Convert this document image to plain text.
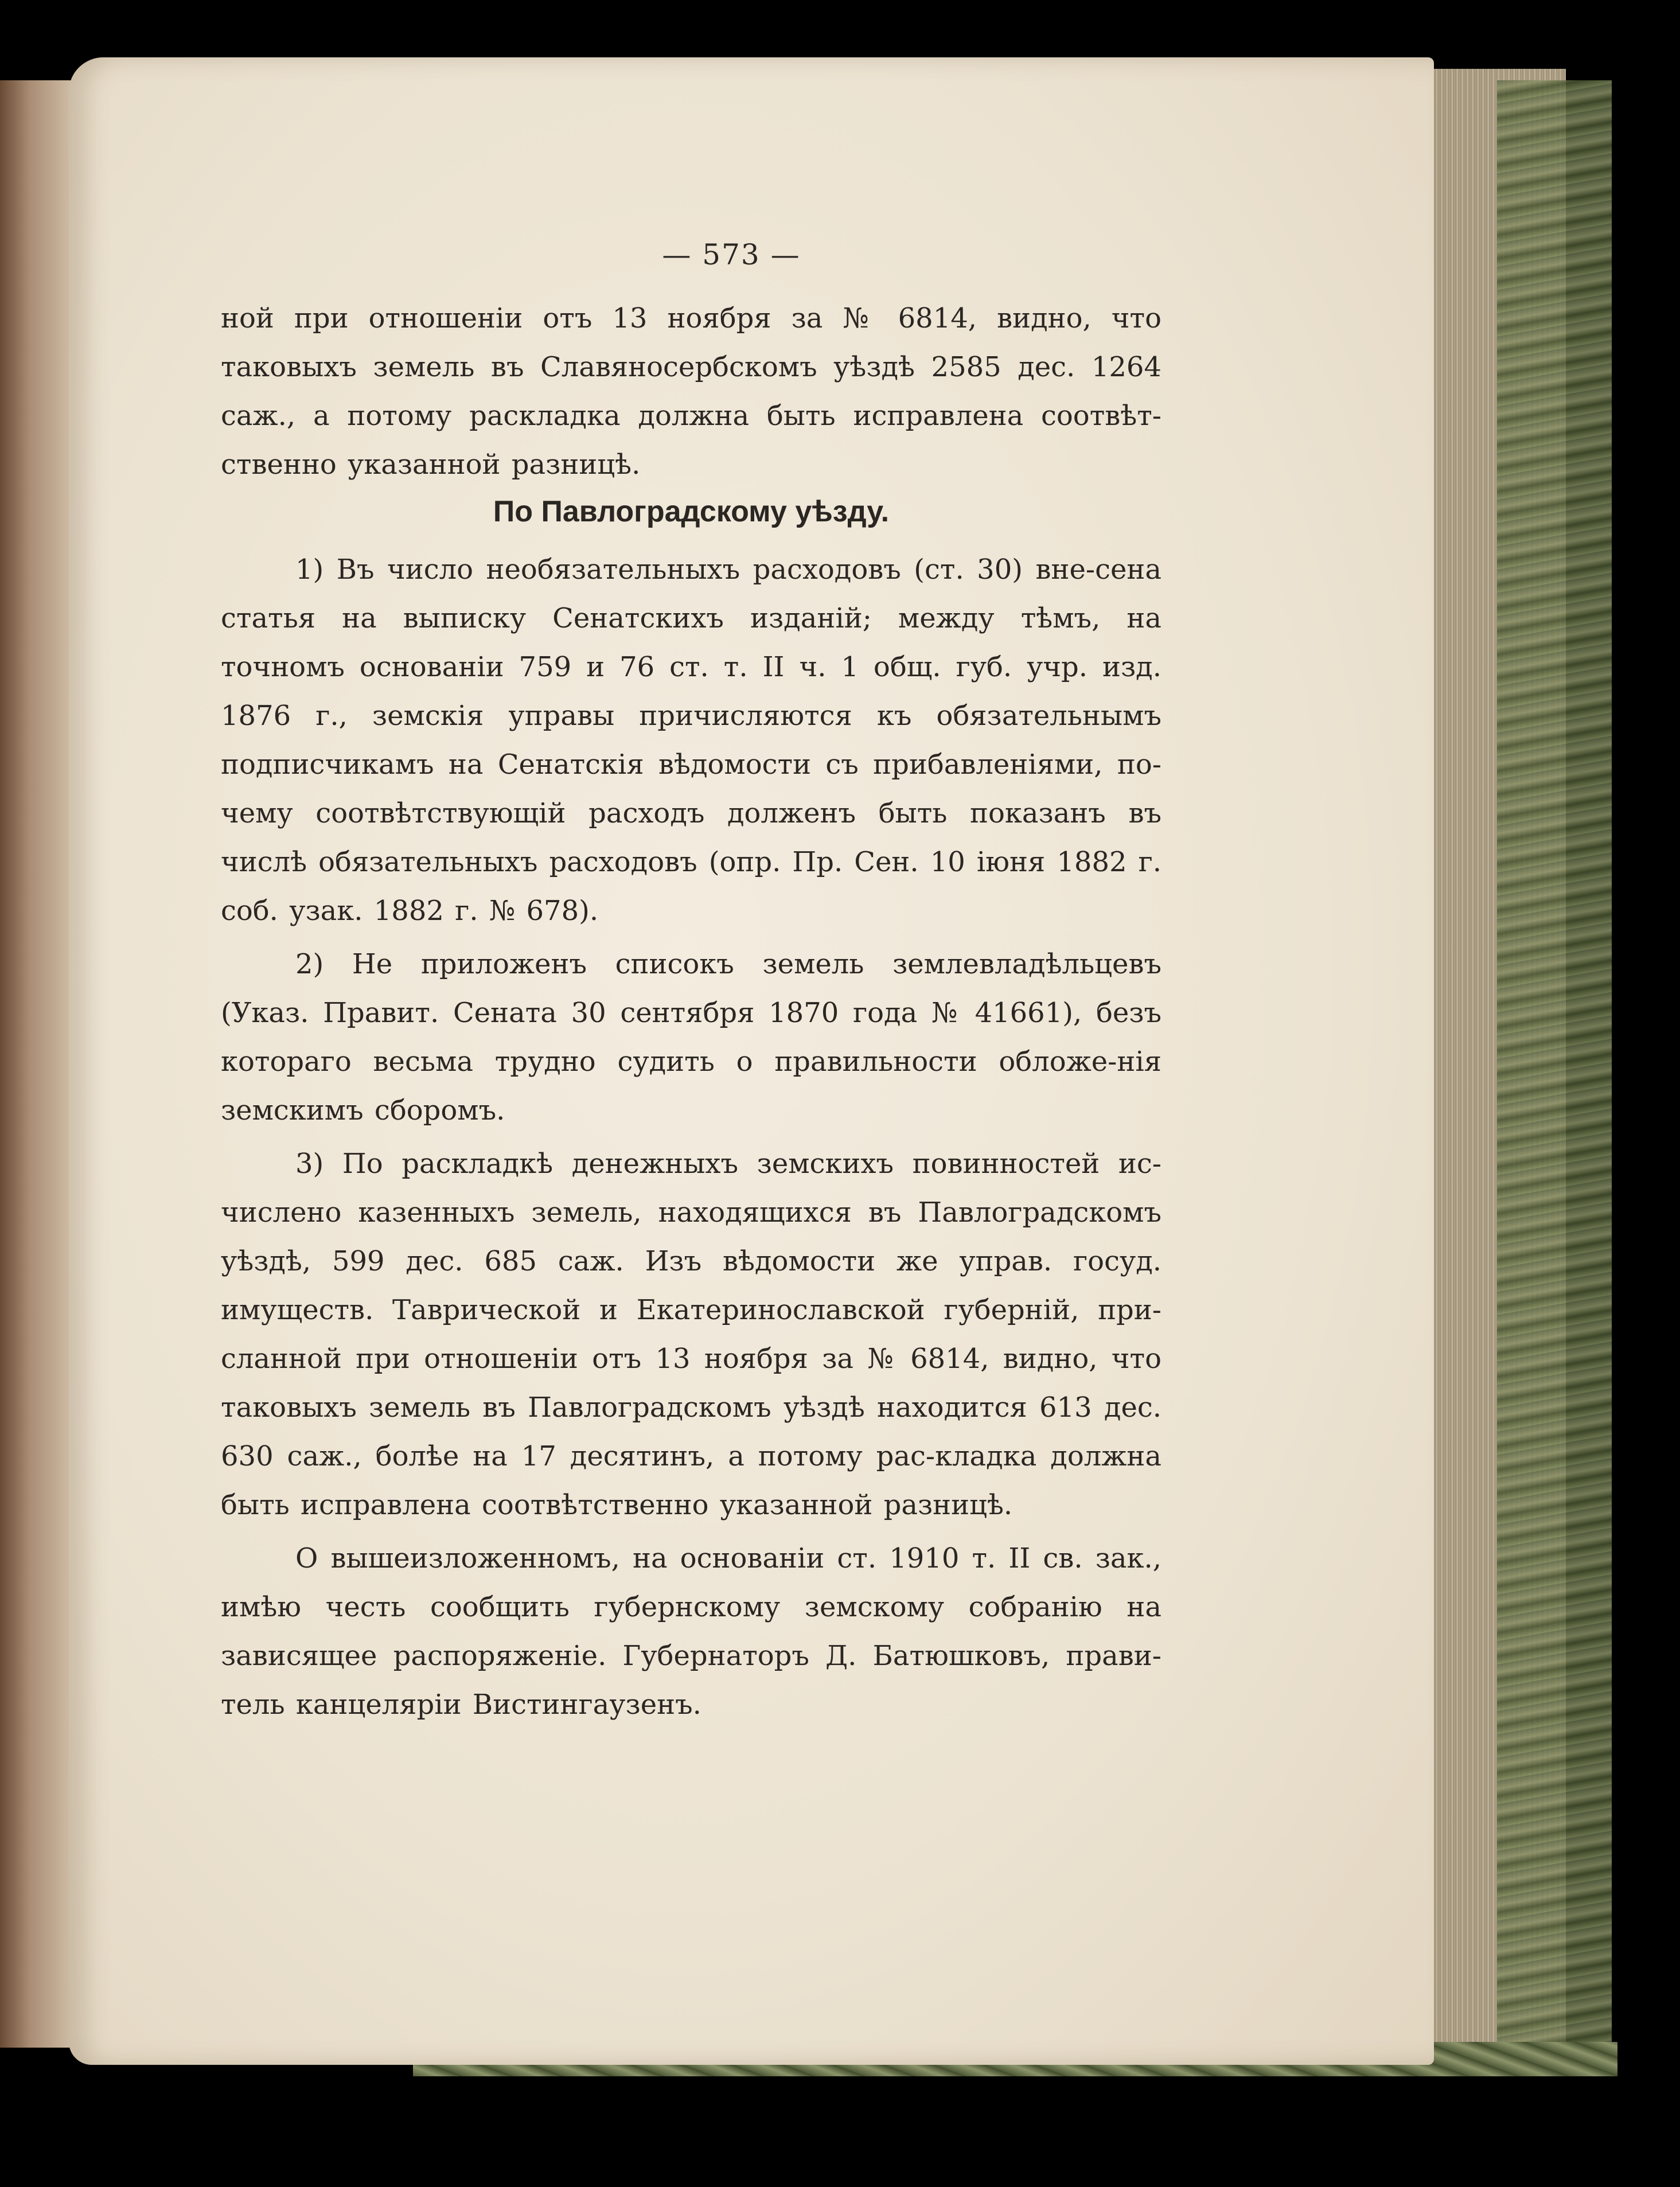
— 573 —

ной при отношеніи отъ 13 ноября за № 6814, видно, что таковыхъ земель въ Славяносербскомъ уѣздѣ 2585 дес. 1264 саж., а потому раскладка должна быть исправлена соотвѣт-ственно указанной разницѣ.

По Павлоградскому уѣзду.

1) Въ число необязательныхъ расходовъ (ст. 30) вне-сена статья на выписку Сенатскихъ изданій; между тѣмъ, на точномъ основаніи 759 и 76 ст. т. II ч. 1 общ. губ. учр. изд. 1876 г., земскія управы причисляются къ обязательнымъ подписчикамъ на Сенатскія вѣдомости съ прибавленіями, по-чему соотвѣтствующій расходъ долженъ быть показанъ въ числѣ обязательныхъ расходовъ (опр. Пр. Сен. 10 іюня 1882 г. соб. узак. 1882 г. № 678).

2) Не приложенъ списокъ земель землевладѣльцевъ (Указ. Правит. Сената 30 сентября 1870 года № 41661), безъ котораго весьма трудно судить о правильности обложе-нія земскимъ сборомъ.

3) По раскладкѣ денежныхъ земскихъ повинностей ис-числено казенныхъ земель, находящихся въ Павлоградскомъ уѣздѣ, 599 дес. 685 саж. Изъ вѣдомости же управ. госуд. имуществ. Таврической и Екатеринославской губерній, при-сланной при отношеніи отъ 13 ноября за № 6814, видно, что таковыхъ земель въ Павлоградскомъ уѣздѣ находится 613 дес. 630 саж., болѣе на 17 десятинъ, а потому рас-кладка должна быть исправлена соотвѣтственно указанной разницѣ.

О вышеизложенномъ, на основаніи ст. 1910 т. II св. зак., имѣю честь сообщить губернскому земскому собранію на зависящее распоряженіе. Губернаторъ Д. Батюшковъ, прави-тель канцеляріи Вистингаузенъ.
